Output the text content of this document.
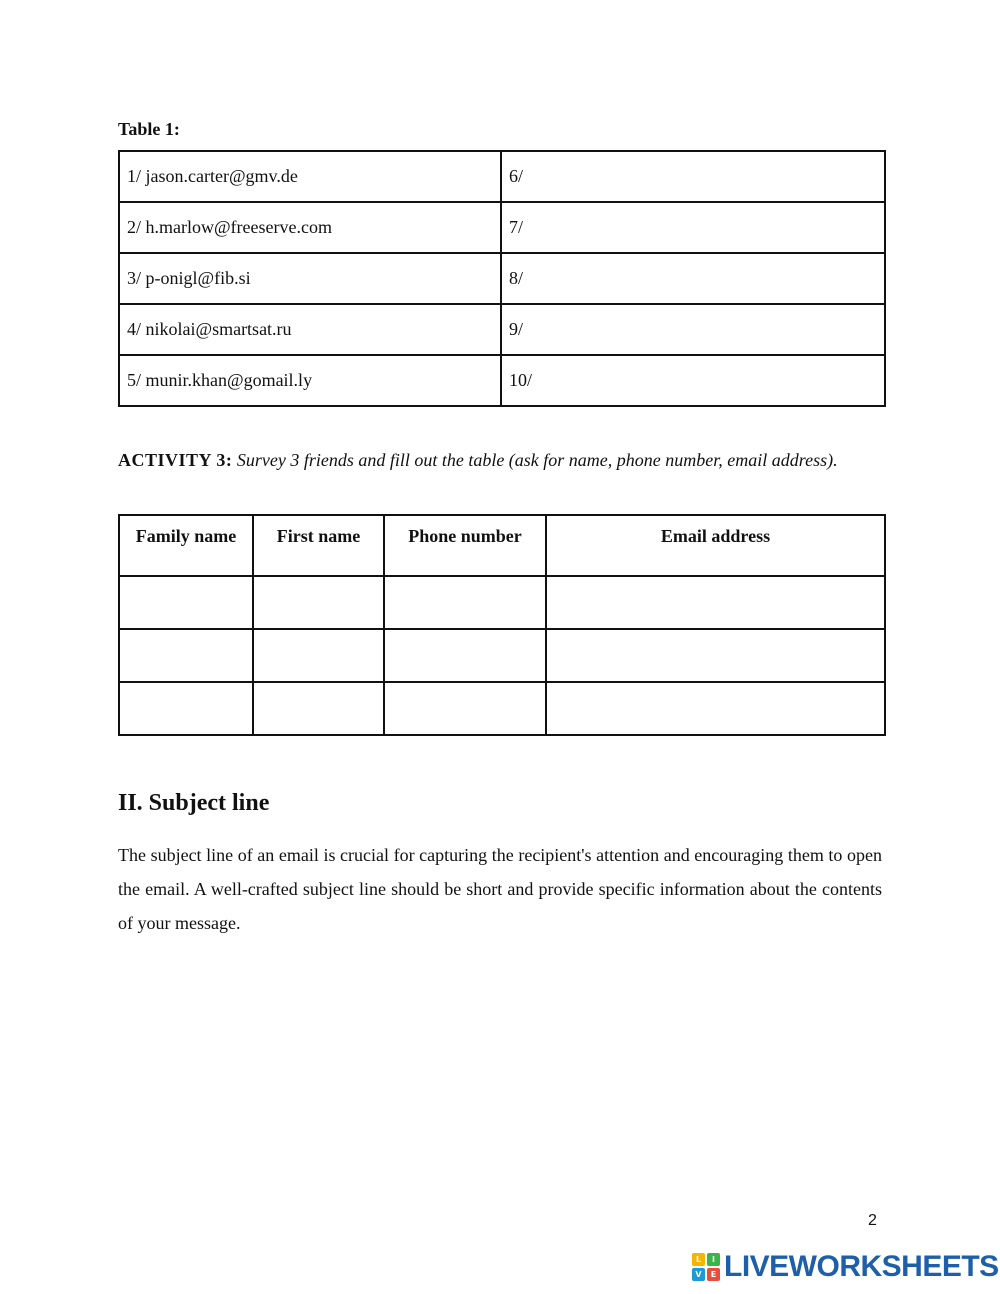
Table 1:
1/ jason.carter@gmv.de	6/
2/ h.marlow@freeserve.com	7/
3/ p-onigl@fib.si	8/
4/ nikolai@smartsat.ru	9/
5/ munir.khan@gomail.ly	10/
ACTIVITY 3: Survey 3 friends and fill out the table (ask for name, phone number, email address).
Family name	First name	Phone number	Email address

II. Subject line

The subject line of an email is crucial for capturing the recipient's attention and encouraging them to open the email. A well-crafted subject line should be short and provide specific information about the contents of your message.

2
L	I
V	E LIVEWORKSHEETS
